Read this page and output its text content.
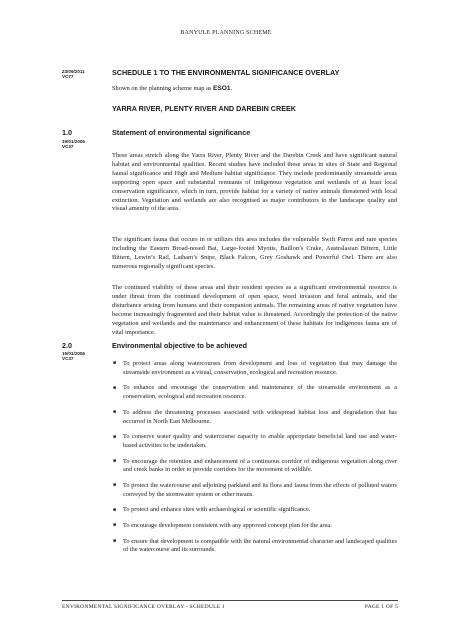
BANYULE PLANNING SCHEME
23/09/2011
VC77	SCHEDULE 1 TO THE ENVIRONMENTAL SIGNIFICANCE OVERLAY
Shown on the planning scheme map as ESO1.
YARRA RIVER, PLENTY RIVER AND DAREBIN CREEK
1.0
19/01/2006
VC37
Statement of environmental significance
These areas stretch along the Yarra River, Plenty River and the Darebin Creek and have significant natural habitat and environmental qualities. Recent studies have included these areas in sites of State and Regional faunal significance and High and Medium habitat significance. They include predominantly streamside areas supporting open space and substantial remnants of indigenous vegetation and wetlands of at least local conservation significance, which in turn, provide habitat for a variety of native animals threatened with local extinction. Vegetation and wetlands are also recognised as major contributors to the landscape quality and visual amenity of the area.
The significant fauna that occurs in or utilizes this area includes the vulnerable Swift Parrot and rare species including the Eastern Broad-nosed Bat, Large-footed Myotis, Baillon’s Crake, Australasian Bittern, Little Bittern, Lewin’s Rail, Latham’s Snipe, Black Falcon, Grey Goshawk and Powerful Owl. There are also numerous regionally significant species.
The continued viability of these areas and their resident species as a significant environmental resource is under threat from the continued development of open space, weed invasion and feral animals, and the disturbance arising from humans and their companion animals. The remaining areas of native vegetation have become increasingly fragmented and their habitat value is threatened. Accordingly the protection of the native vegetation and wetlands and the maintenance and enhancement of these habitats for indigenous fauna are of vital importance.
2.0
19/01/2006
VC37
Environmental objective to be achieved
■ To protect areas along watercourses from development and loss of vegetation that may damage the streamside environment as a visual, conservation, ecological and recreation resource.
■ To enhance and encourage the conservation and maintenance of the streamside environment as a conservation, ecological and recreation resource.
■ To address the threatening processes associated with widespread habitat loss and degradation that has occurred in North East Melbourne.
■ To conserve water quality and watercourse capacity to enable appropriate beneficial land use and water-based activities to be undertaken.
■ To encourage the retention and enhancement of a continuous corridor of indigenous vegetation along river and creek banks in order to provide corridors for the movement of wildlife.
■ To protect the watercourse and adjoining parkland and its flora and fauna from the effects of polluted waters conveyed by the stormwater system or other means.
■ To protect and enhance sites with archaeological or scientific significance.
■ To encourage development consistent with any approved concept plan for the area.
■ To ensure that development is compatible with the natural environmental character and landscaped qualities of the watercourse and its surrounds.
ENVIRONMENTAL SIGNIFICANCE OVERLAY - SCHEDULE 1	PAGE 1 OF 5
